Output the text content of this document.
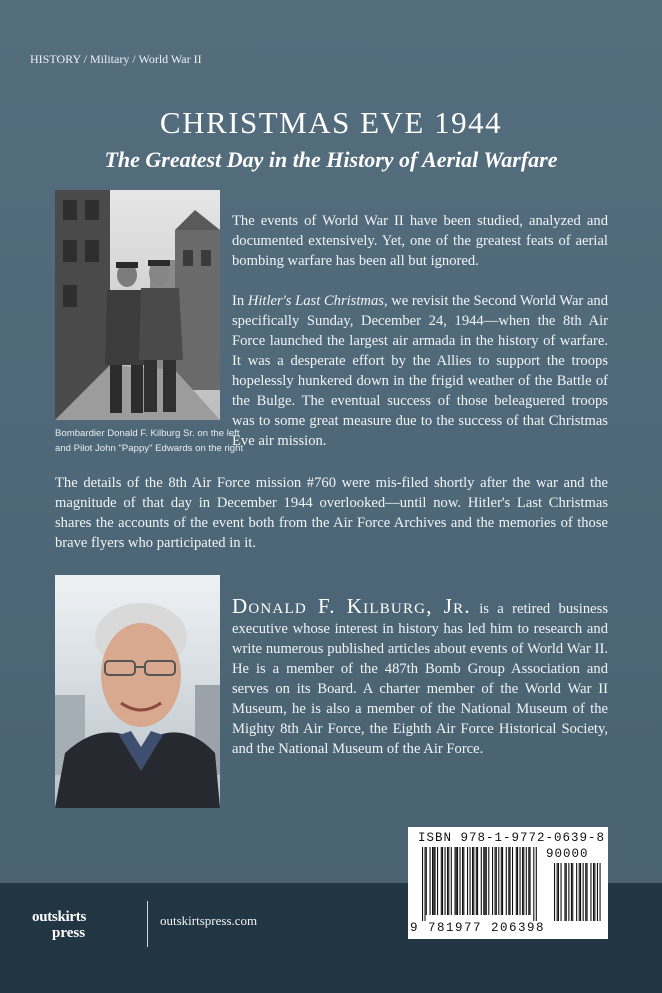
HISTORY / Military / World War II
CHRISTMAS EVE 1944
The Greatest Day in the History of Aerial Warfare
Bombardier Donald F. Kilburg Sr. on the left
and Pilot John "Pappy" Edwards on the right

The events of World War II have been studied, analyzed and documented extensively. Yet, one of the greatest feats of aerial bombing warfare has been all but ignored.

In Hitler's Last Christmas, we revisit the Second World War and specifically Sunday, December 24, 1944—when the 8th Air Force launched the largest air armada in the history of warfare. It was a desperate effort by the Allies to support the troops hopelessly hunkered down in the frigid weather of the Battle of the Bulge. The eventual success of those beleaguered troops was to some great measure due to the success of that Christmas Eve air mission.

The details of the 8th Air Force mission #760 were mis-filed shortly after the war and the magnitude of that day in December 1944 overlooked—until now. Hitler's Last Christmas shares the accounts of the event both from the Air Force Archives and the memories of those brave flyers who participated in it.

Donald F. Kilburg, Jr. is a retired business executive whose interest in history has led him to research and write numerous published articles about events of World War II. He is a member of the 487th Bomb Group Association and serves on its Board. A charter member of the World War II Museum, he is also a member of the National Museum of the Mighty 8th Air Force, the Eighth Air Force Historical Society, and the National Museum of the Air Force.

outskirts
press
outskirtspress.com
ISBN 978-1-9772-0639-8
90000
9 781977 206398
